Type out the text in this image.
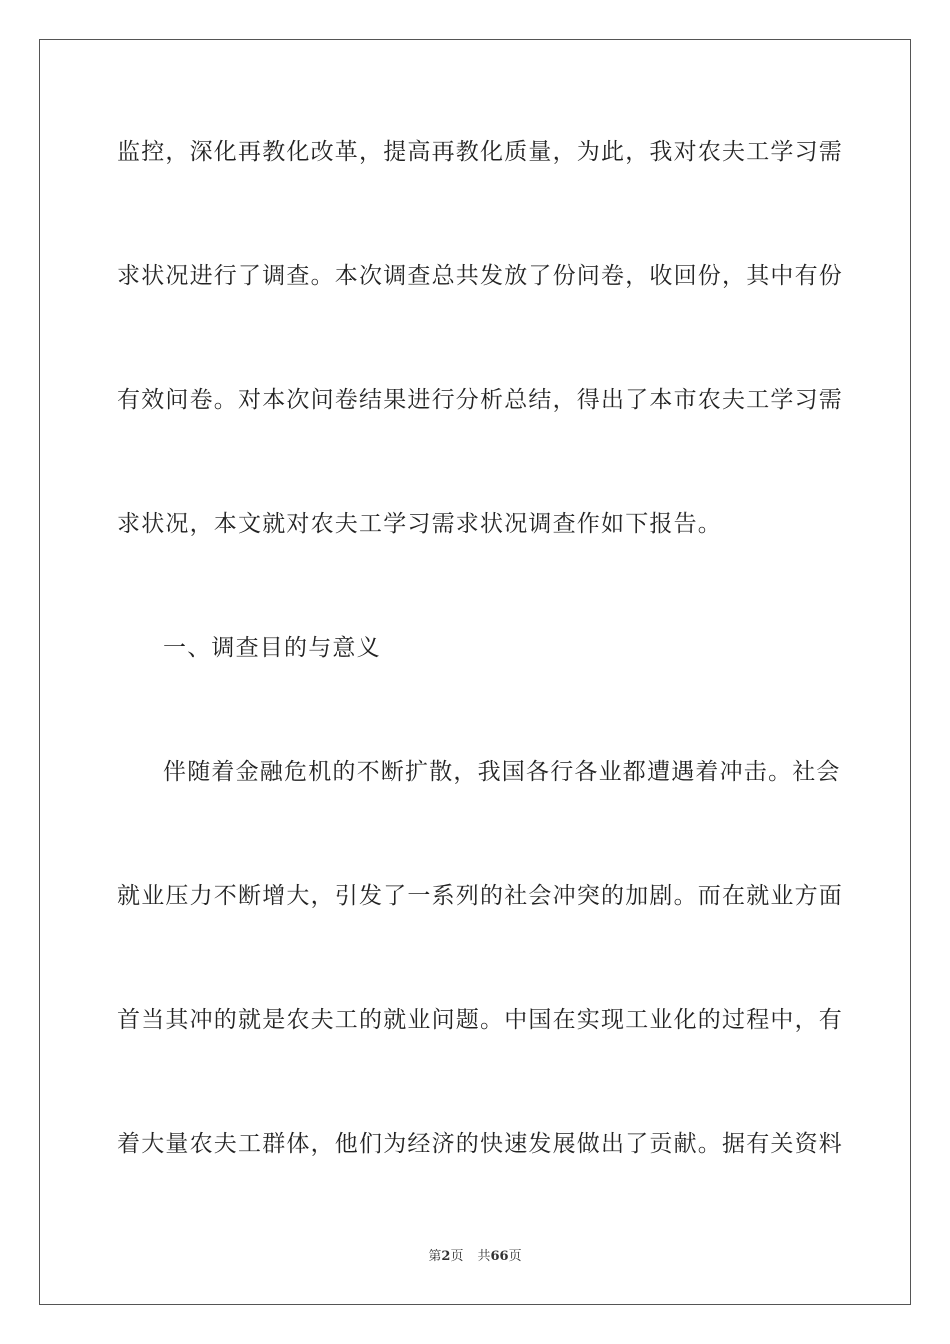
监控，深化再教化改革，提高再教化质量，为此，我对农夫工学习需
求状况进行了调查。本次调查总共发放了份问卷，收回份，其中有份
有效问卷。对本次问卷结果进行分析总结，得出了本市农夫工学习需
求状况，本文就对农夫工学习需求状况调查作如下报告。
一、调查目的与意义
伴随着金融危机的不断扩散，我国各行各业都遭遇着冲击。社会
就业压力不断增大，引发了一系列的社会冲突的加剧。而在就业方面
首当其冲的就是农夫工的就业问题。中国在实现工业化的过程中，有
着大量农夫工群体，他们为经济的快速发展做出了贡献。据有关资料
第2页 共66页
